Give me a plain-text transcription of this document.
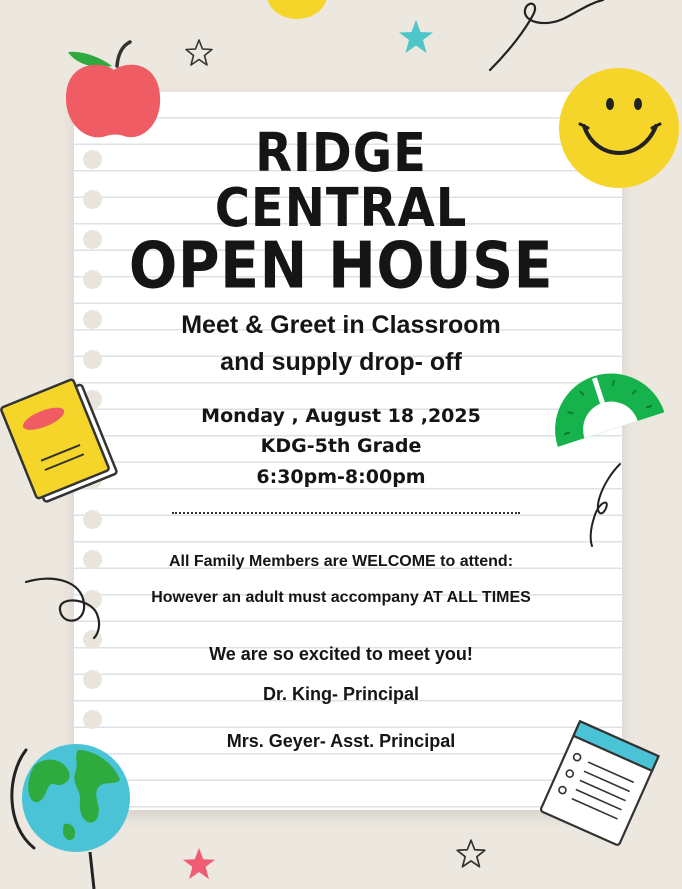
RIDGE
CENTRAL
OPEN HOUSE
Meet & Greet in Classroom
and supply drop- off
Monday , August 18 ,2025
KDG-5th Grade
6:30pm-8:00pm
All Family Members are WELCOME to attend:
However an adult must accompany AT ALL TIMES
We are so excited to meet you!
Dr. King- Principal
Mrs. Geyer- Asst. Principal
